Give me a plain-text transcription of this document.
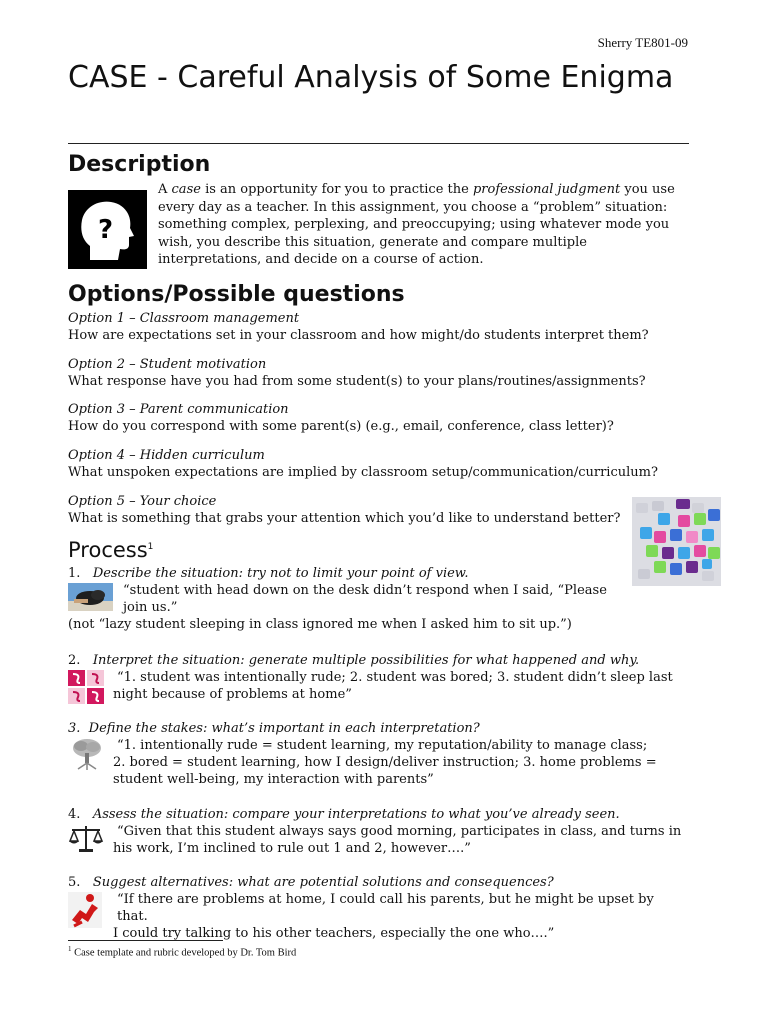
Sherry TE801-09
CASE - Careful Analysis of Some Enigma
Description
?
A case is an opportunity for you to practice the professional judgment you use every day as a teacher. In this assignment, you choose a “problem” situation: something complex, perplexing, and preoccupying; using whatever mode you wish, you describe this situation, generate and compare multiple interpretations, and decide on a course of action.
Options/Possible questions
Option 1 – Classroom management
How are expectations set in your classroom and how might/do students interpret them?
Option 2 – Student motivation
What response have you had from some student(s) to your plans/routines/assignments?
Option 3 – Parent communication
How do you correspond with some parent(s) (e.g., email, conference, class letter)?
Option 4 – Hidden curriculum
What unspoken expectations are implied by classroom setup/communication/curriculum?
Option 5 – Your choice
What is something that grabs your attention which you’d like to understand better?
Process$^1$
1. Describe the situation: try not to limit your point of view.
“student with head down on the desk didn’t respond when I said, “Please
join us.”
(not “lazy student sleeping in class ignored me when I asked him to sit up.”)
2. Interpret the situation: generate multiple possibilities for what happened and why.
“1. student was intentionally rude; 2. student was bored; 3. student didn’t sleep last
night because of problems at home”
3. Define the stakes: what’s important in each interpretation?
“1. intentionally rude = student learning, my reputation/ability to manage class;
2. bored = student learning, how I design/deliver instruction; 3. home problems =
student well-being, my interaction with parents”
4. Assess the situation: compare your interpretations to what you’ve already seen.
“Given that this student always says good morning, participates in class, and turns in
his work, I’m inclined to rule out 1 and 2, however….”
5. Suggest alternatives: what are potential solutions and consequences?
“If there are problems at home, I could call his parents, but he might be upset by that.
I could try talking to his other teachers, especially the one who….”
$^1$ Case template and rubric developed by Dr. Tom Bird
